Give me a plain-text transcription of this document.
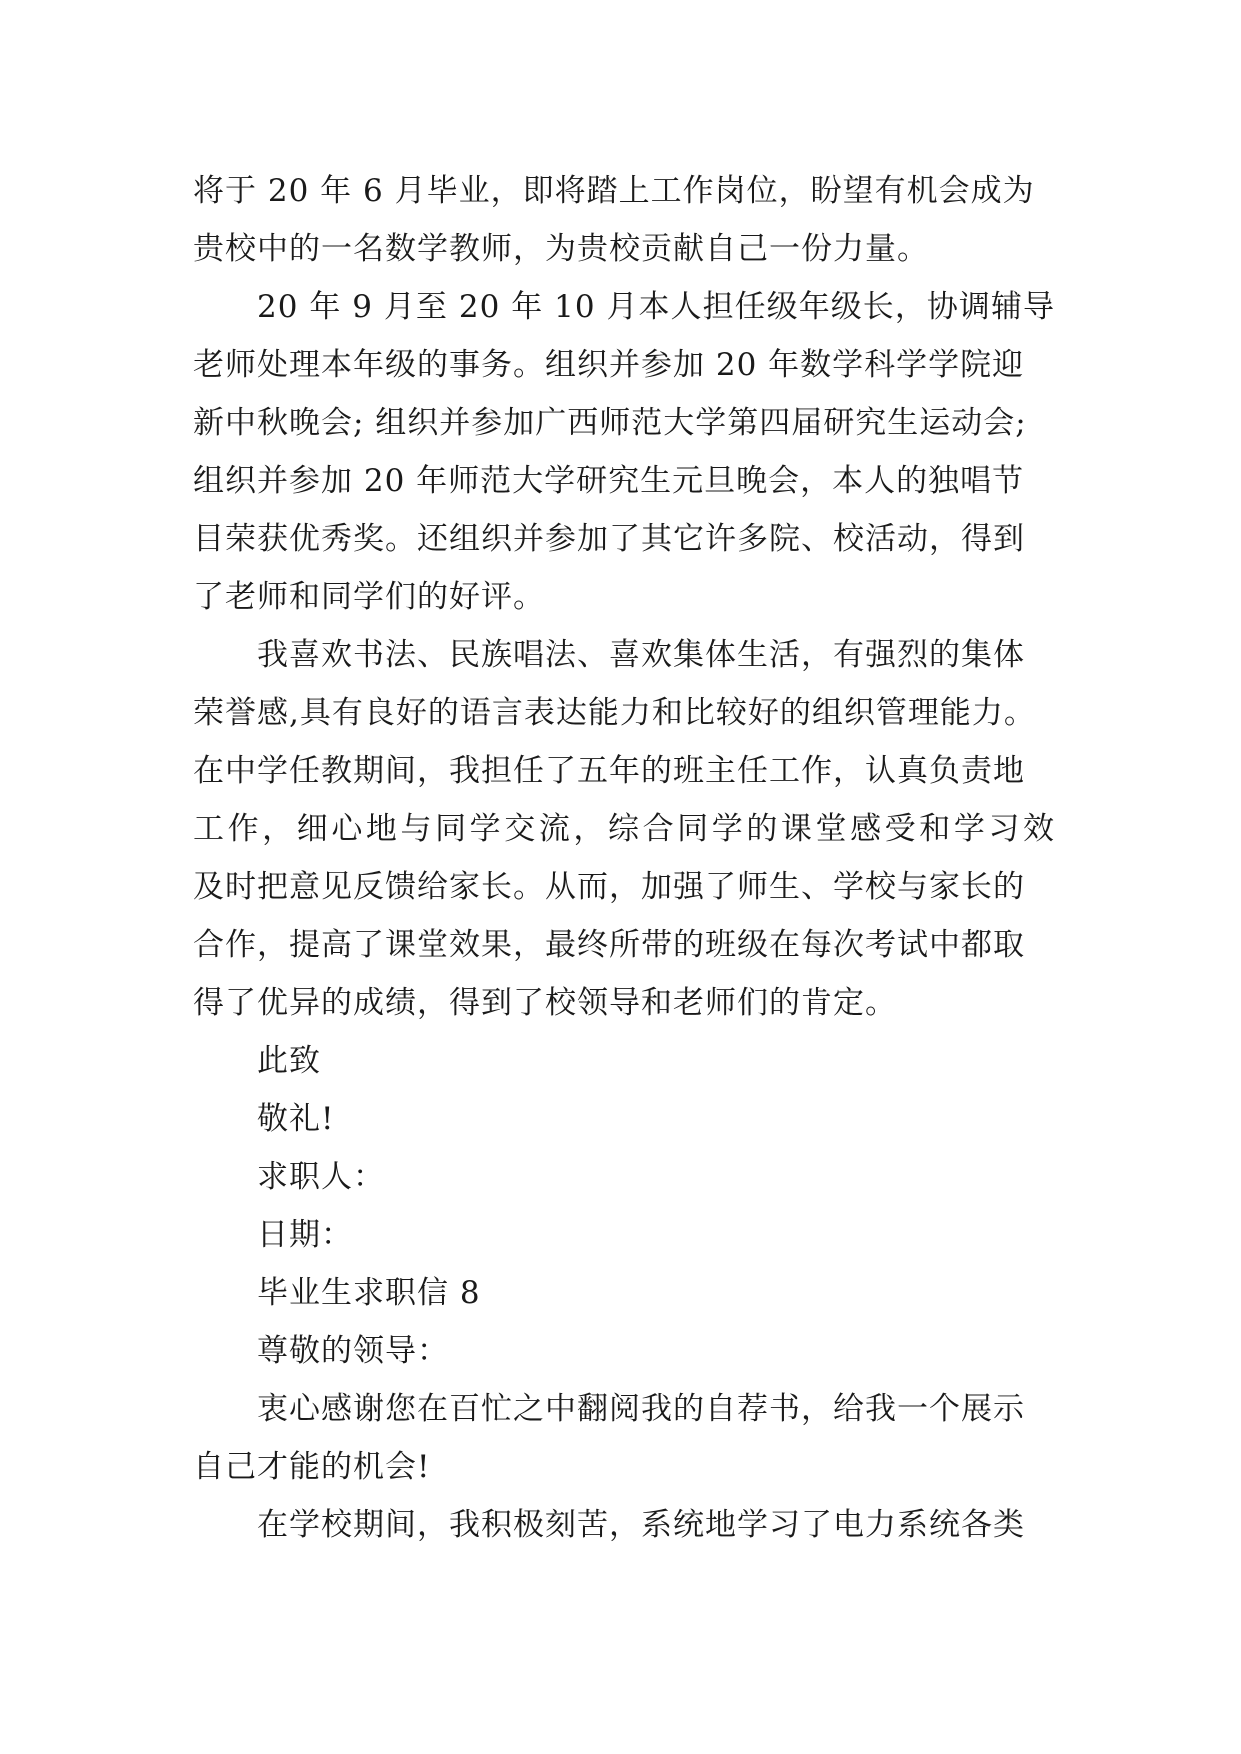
将于 20 年 6 月毕业，即将踏上工作岗位，盼望有机会成为
贵校中的一名数学教师，为贵校贡献自己一份力量。

20 年 9 月至 20 年 10 月本人担任级年级长，协调辅导
老师处理本年级的事务。组织并参加 20 年数学科学学院迎
新中秋晚会; 组织并参加广西师范大学第四届研究生运动会;
组织并参加 20 年师范大学研究生元旦晚会，本人的独唱节
目荣获优秀奖。还组织并参加了其它许多院、校活动，得到
了老师和同学们的好评。

我喜欢书法、民族唱法、喜欢集体生活，有强烈的集体
荣誉感,具有良好的语言表达能力和比较好的组织管理能力。
在中学任教期间，我担任了五年的班主任工作，认真负责地
工作，细心地与同学交流，综合同学的课堂感受和学习效
及时把意见反馈给家长。从而，加强了师生、学校与家长的
合作，提高了课堂效果，最终所带的班级在每次考试中都取
得了优异的成绩，得到了校领导和老师们的肯定。

此致

敬礼!

求职人：

日期：

毕业生求职信 8

尊敬的领导：

衷心感谢您在百忙之中翻阅我的自荐书，给我一个展示
自己才能的机会!

在学校期间，我积极刻苦，系统地学习了电力系统各类
